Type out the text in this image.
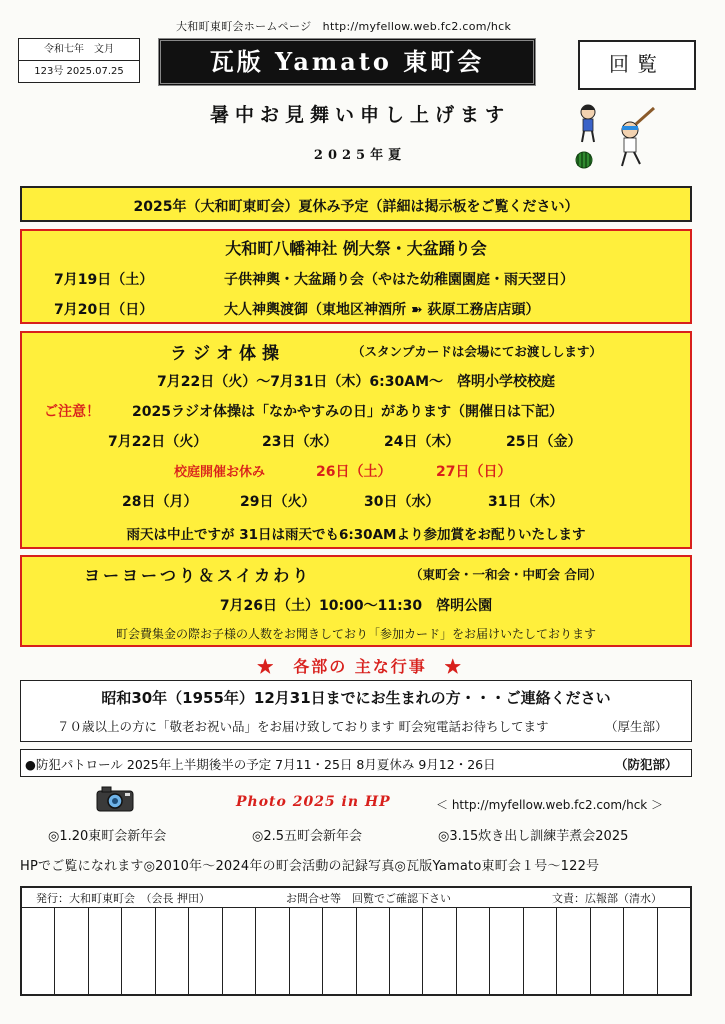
令和七年　文月
123号 2025.07.25
大和町東町会ホームページ　http://myfellow.web.fc2.com/hck
瓦版 Yamato 東町会	回覧
暑中お見舞い申し上げます
2025年夏
2025年（大和町東町会）夏休み予定（詳細は掲示板をご覧ください）
大和町八幡神社 例大祭・大盆踊り会
7月19日（土）	子供神輿・大盆踊り会（やはた幼稚園園庭・雨天翌日）
7月20日（日）	大人神輿渡御（東地区神酒所 ➽ 荻原工務店店頭）
ラジオ体操	（スタンプカードは会場にてお渡しします）
7月22日（火）〜7月31日（木）6:30AM〜　啓明小学校校庭
ご注意！ 2025ラジオ体操は「なかやすみの日」があります（開催日は下記）
7月22日（火）	23日（水）	24日（木）	25日（金）
校庭開催お休み	26日（土）	27日（日）
28日（月）	29日（火）	30日（水）	31日（木）
雨天は中止ですが 31日は雨天でも6:30AMより参加賞をお配りいたします
ヨーヨーつり＆スイカわり	（東町会・一和会・中町会 合同）
7月26日（土）10:00〜11:30　啓明公園
町会費集金の際お子様の人数をお聞きしており「参加カード」をお届けいたしております
★　各部の 主な行事　★
昭和30年（1955年）12月31日までにお生まれの方・・・ご連絡ください
７０歳以上の方に「敬老お祝い品」をお届け致しております 町会宛電話お待ちしてます	（厚生部）
●防犯パトロール 2025年上半期後半の予定 7月11・25日 8月夏休み 9月12・26日	（防犯部）
Photo 2025 in HP	＜ http://myfellow.web.fc2.com/hck ＞
◎1.20東町会新年会	◎2.5五町会新年会	◎3.15炊き出し訓練芋煮会2025
HPでご覧になれます◎2010年〜2024年の町会活動の記録写真◎瓦版Yamato東町会１号〜122号
発行：大和町東町会　（会長 押田）	お問合せ等　回覧でご確認下さい	文責：広報部（清水）
